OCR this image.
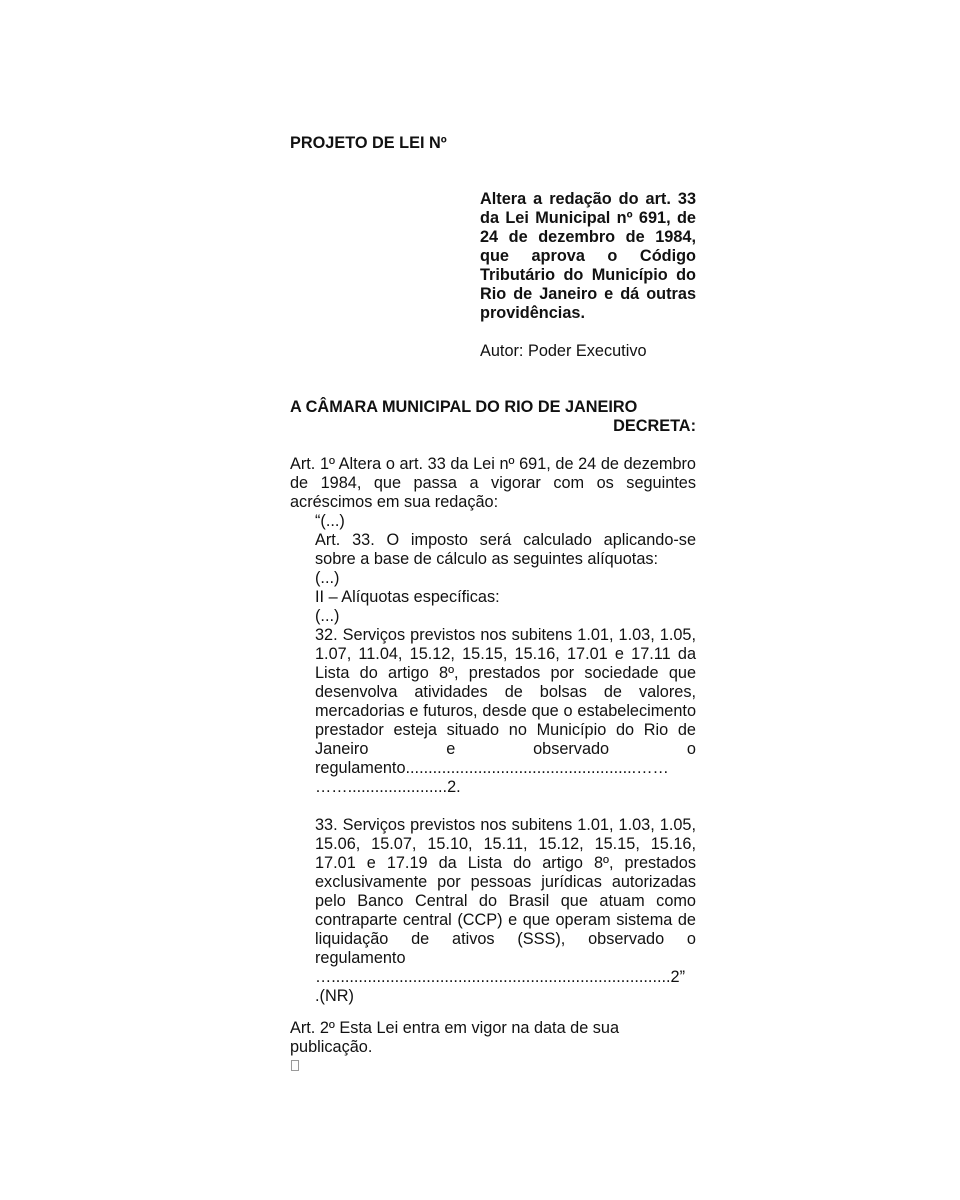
PROJETO DE LEI Nº
Altera a redação do art. 33 da Lei Municipal nº 691, de 24 de dezembro de 1984, que aprova o Código Tributário do Município do Rio de Janeiro e dá outras providências.
Autor: Poder Executivo
A CÂMARA MUNICIPAL DO RIO DE JANEIRO
DECRETA:
Art. 1º Altera o art. 33 da Lei nº 691, de 24 de dezembro de 1984, que passa a vigorar com os seguintes acréscimos em sua redação:

“(...)

Art. 33. O imposto será calculado aplicando-se sobre a base de cálculo as seguintes alíquotas:

(...)

II – Alíquotas específicas:

(...)

32. Serviços previstos nos subitens 1.01, 1.03, 1.05, 1.07, 11.04, 15.12, 15.15, 15.16, 17.01 e 17.11 da Lista do artigo 8º, prestados por sociedade que desenvolva atividades de bolsas de valores, mercadorias e futuros, desde que o estabelecimento prestador esteja situado no Município do Rio de Janeiro e observado o

regulamento...................................................……

……......................2.

33. Serviços previstos nos subitens 1.01, 1.03, 1.05, 15.06, 15.07, 15.10, 15.11, 15.12, 15.15, 15.16, 17.01 e 17.19 da Lista do artigo 8º, prestados exclusivamente por pessoas jurídicas autorizadas pelo Banco Central do Brasil que atuam como contraparte central (CCP) e que operam sistema de liquidação de ativos (SSS), observado o

regulamento

…...........................................................................2”

.(NR)

Art. 2º Esta Lei entra em vigor na data de sua publicação.
